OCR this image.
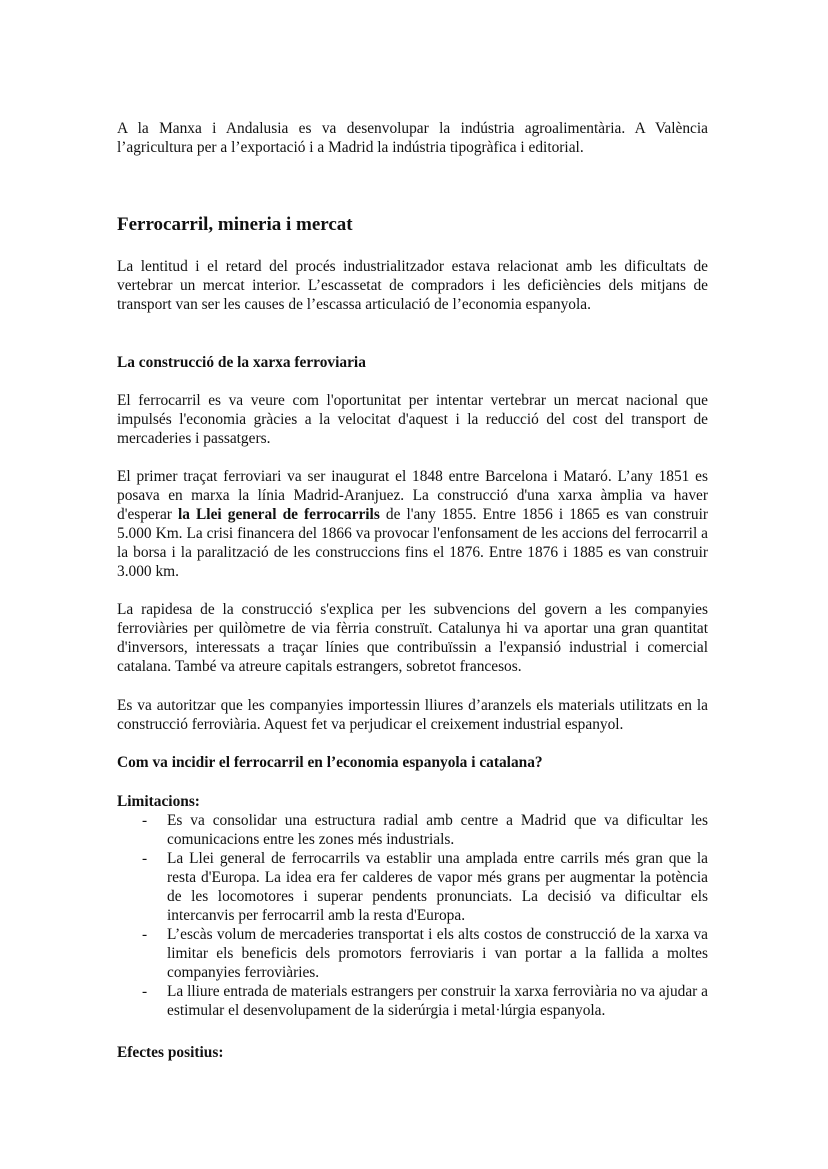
A la Manxa i Andalusia es va desenvolupar la indústria agroalimentària. A València l’agricultura per a l’exportació i a Madrid la indústria tipogràfica i editorial.

Ferrocarril, mineria i mercat

La lentitud i el retard del procés industrialitzador estava relacionat amb les dificultats de vertebrar un mercat interior. L’escassetat de compradors i les deficiències dels mitjans de transport van ser les causes de l’escassa articulació de l’economia espanyola.

La construcció de la xarxa ferroviaria

El ferrocarril es va veure com l'oportunitat per intentar vertebrar un mercat nacional que impulsés l'economia gràcies a la velocitat d'aquest i la reducció del cost del transport de mercaderies i passatgers.

El primer traçat ferroviari va ser inaugurat el 1848 entre Barcelona i Mataró. L’any 1851 es posava en marxa la línia Madrid-Aranjuez. La construcció d'una xarxa àmplia va haver d'esperar la Llei general de ferrocarrils de l'any 1855. Entre 1856 i 1865 es van construir 5.000 Km. La crisi financera del 1866 va provocar l'enfonsament de les accions del ferrocarril a la borsa i la paralització de les construccions fins el 1876. Entre 1876 i 1885 es van construir 3.000 km.

La rapidesa de la construcció s'explica per les subvencions del govern a les companyies ferroviàries per quilòmetre de via fèrria construït. Catalunya hi va aportar una gran quantitat d'inversors, interessats a traçar línies que contribuïssin a l'expansió industrial i comercial catalana. També va atreure capitals estrangers, sobretot francesos.

Es va autoritzar que les companyies importessin lliures d’aranzels els materials utilitzats en la construcció ferroviària. Aquest fet va perjudicar el creixement industrial espanyol.

Com va incidir el ferrocarril en l’economia espanyola i catalana?

Limitacions:

- Es va consolidar una estructura radial amb centre a Madrid que va dificultar les comunicacions entre les zones més industrials.
- La Llei general de ferrocarrils va establir una amplada entre carrils més gran que la resta d'Europa. La idea era fer calderes de vapor més grans per augmentar la potència de les locomotores i superar pendents pronunciats. La decisió va dificultar els intercanvis per ferrocarril amb la resta d'Europa.
- L’escàs volum de mercaderies transportat i els alts costos de construcció de la xarxa va limitar els beneficis dels promotors ferroviaris i van portar a la fallida a moltes companyies ferroviàries.
- La lliure entrada de materials estrangers per construir la xarxa ferroviària no va ajudar a estimular el desenvolupament de la siderúrgia i metal·lúrgia espanyola.

Efectes positius:
